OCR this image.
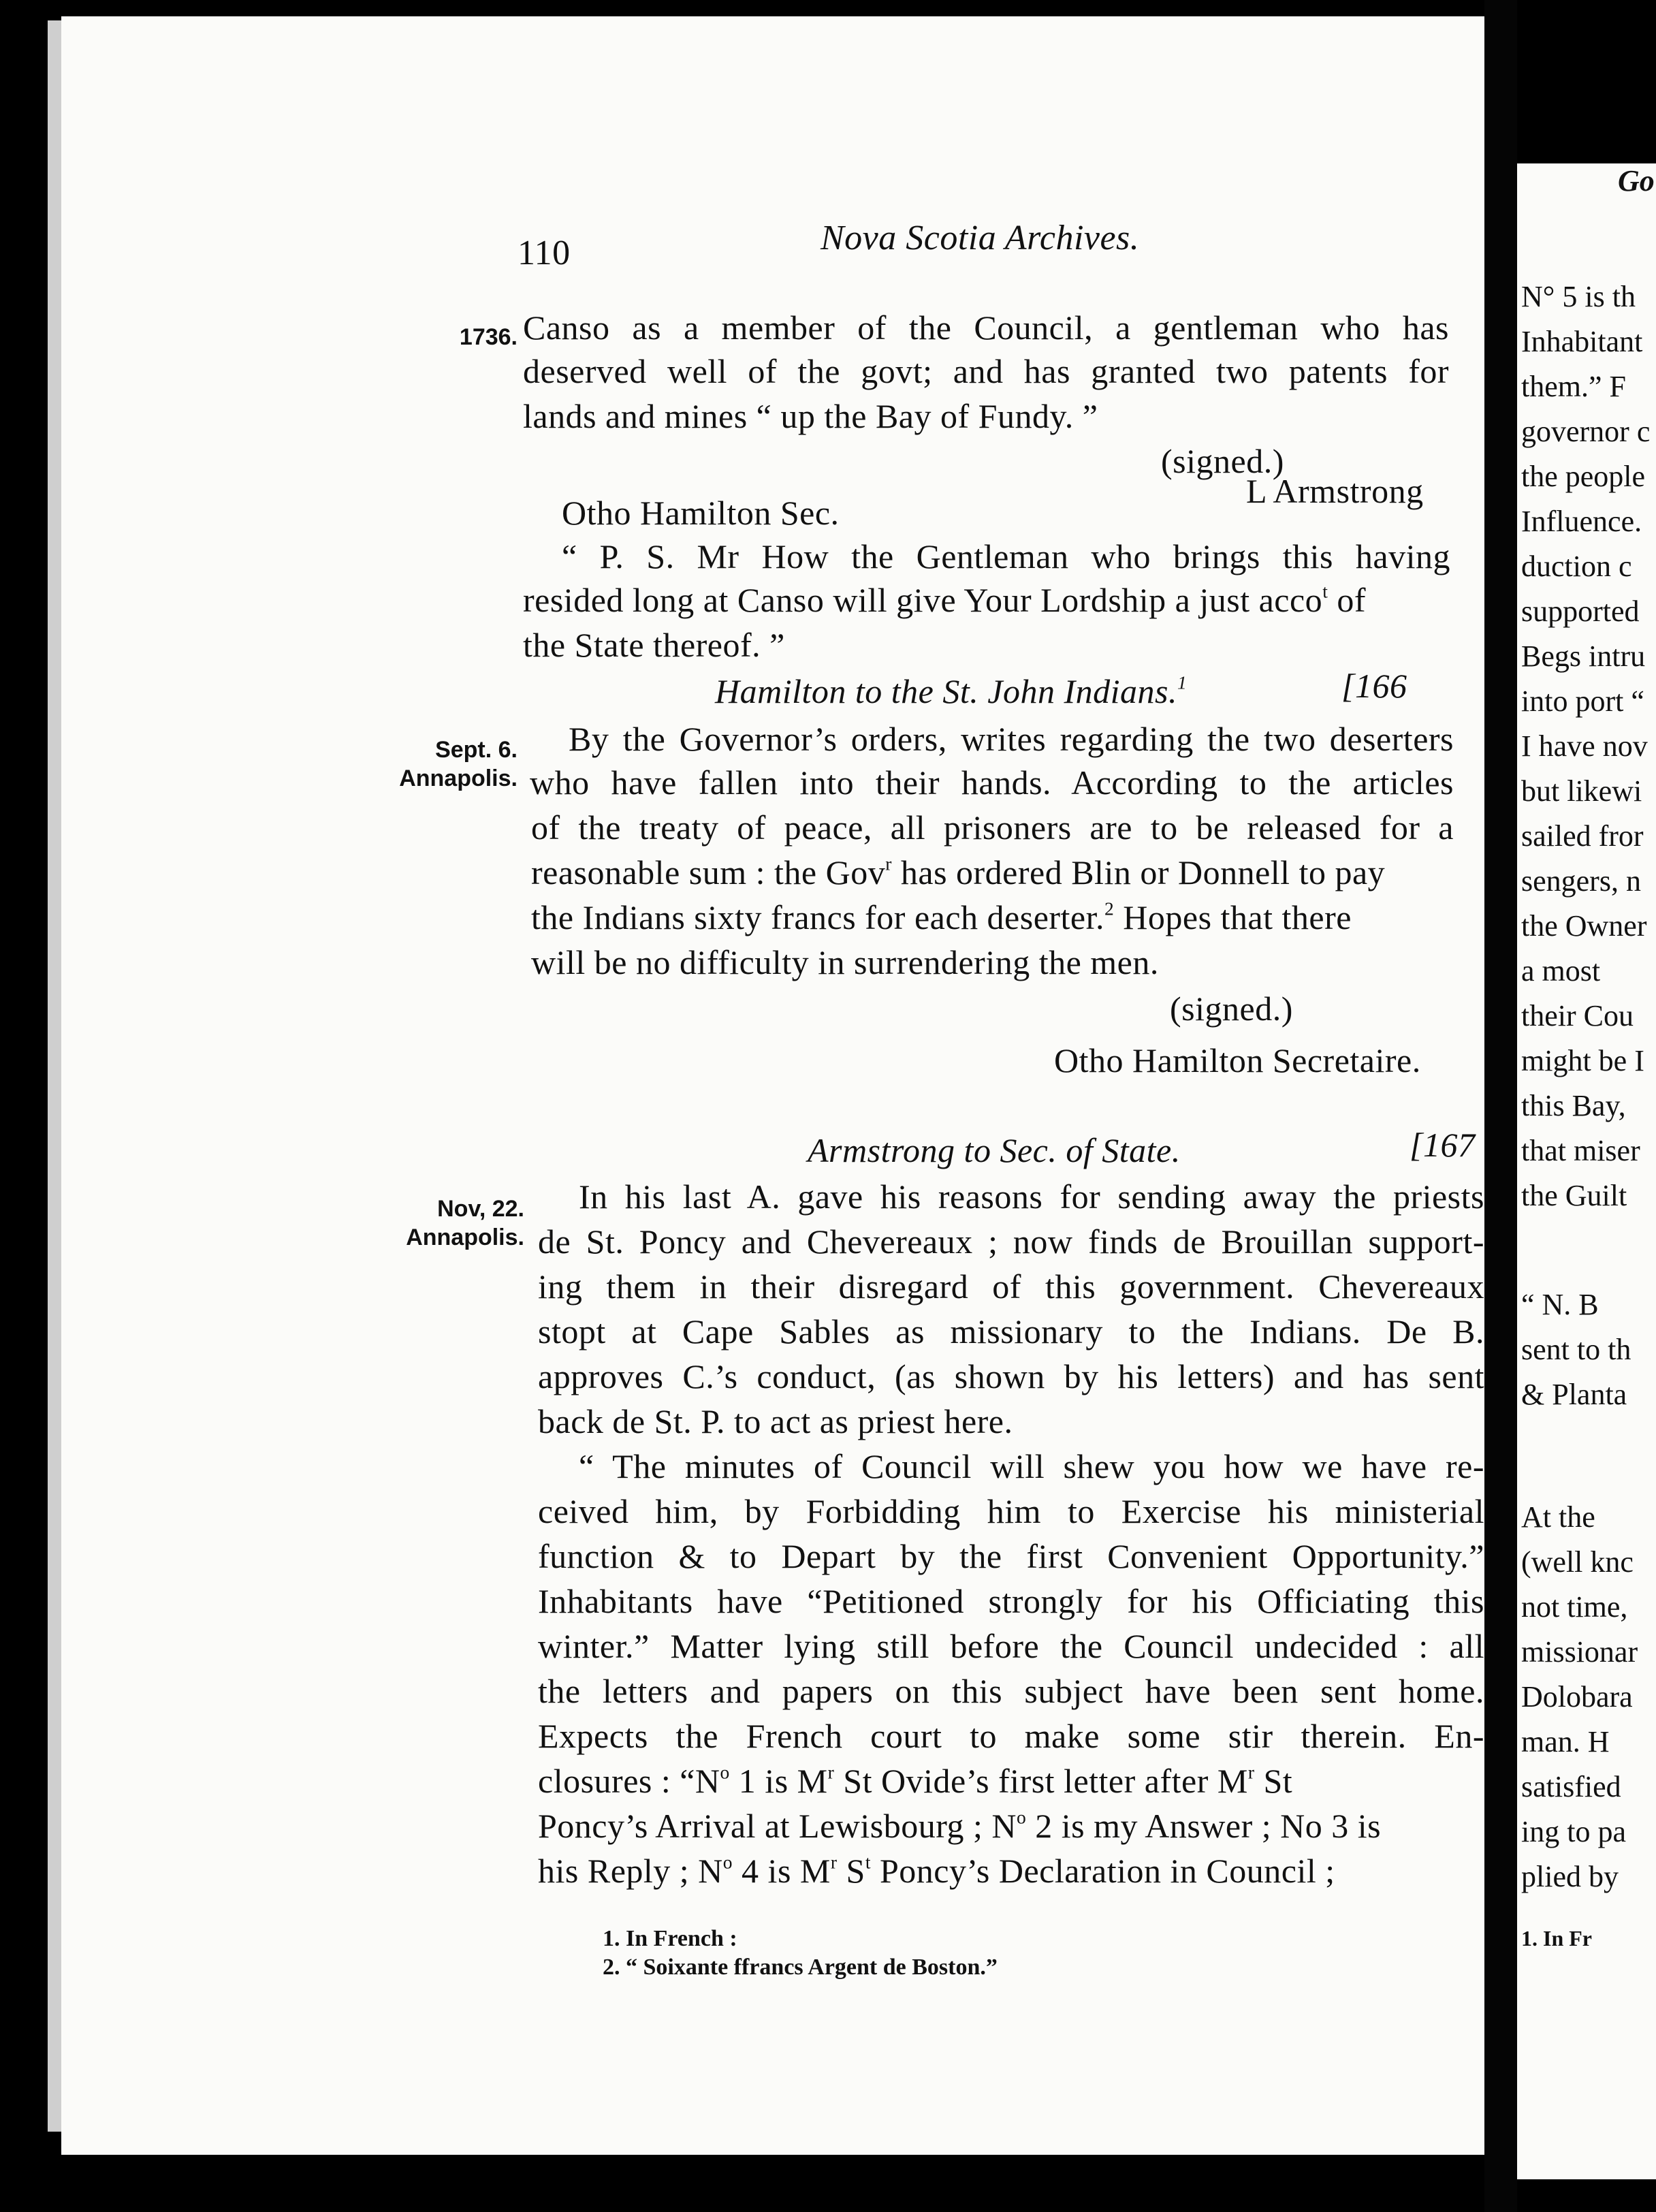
110	Nova Scotia Archives.
1736. Canso as a member of the Council, a gentleman who has
deserved well of the govt; and has granted two patents for
lands and mines “ up the Bay of Fundy. ”
(signed.)
Otho Hamilton Sec.
L Armstrong
“ P. S. Mr How the Gentleman who brings this having
resided long at Canso will give Your Lordship a just acco$^t$ of
the State thereof. ”
Hamilton to the St. John Indians.$^1$	[166
Sept. 6.
Annapolis.
By the Governor’s orders, writes regarding the two deserters
who have fallen into their hands. According to the articles
of the treaty of peace, all prisoners are to be released for a
reasonable sum : the Gov$^r$ has ordered Blin or Donnell to pay
the Indians sixty francs for each deserter.$^2$ Hopes that there
will be no difficulty in surrendering the men.
(signed.)
Otho Hamilton Secretaire.
Armstrong to Sec. of State.	[167
Nov, 22.
Annapolis.
In his last A. gave his reasons for sending away the priests
de St. Poncy and Chevereaux ; now finds de Brouillan support-
ing them in their disregard of this government. Chevereaux
stopt at Cape Sables as missionary to the Indians. De B.
approves C.’s conduct, (as shown by his letters) and has sent
back de St. P. to act as priest here.
“ The minutes of Council will shew you how we have re-
ceived him, by Forbidding him to Exercise his ministerial
function & to Depart by the first Convenient Opportunity.”
Inhabitants have “Petitioned strongly for his Officiating this
winter.” Matter lying still before the Council undecided : all
the letters and papers on this subject have been sent home.
Expects the French court to make some stir therein. En-
closures : “$N^o$ 1 is $M^r$ St Ovide’s first letter after $M^r$ St
Poncy’s Arrival at Lewisbourg ; $N^o$ 2 is my Answer ; No 3 is
his Reply ; $N^o$ 4 is $M^r$ $S^t$ Poncy’s Declaration in Council ;
1. In French :
2. “ Soixante ffrancs Argent de Boston.”
Go
N° 5 is th
Inhabitant
them.” F
governor c
the people
Influence.
duction c
supported
Begs intru
into port “
I have nov
but likewi
sailed fror
sengers, n
the Owner
a most
their Cou
might be I
this Bay,
that miser
the Guilt
“ N. B
sent to th
& Planta
At the
(well knc
not time,
missionar
Dolobara
man. H
satisfied
ing to pa
plied by
1. In Fr
